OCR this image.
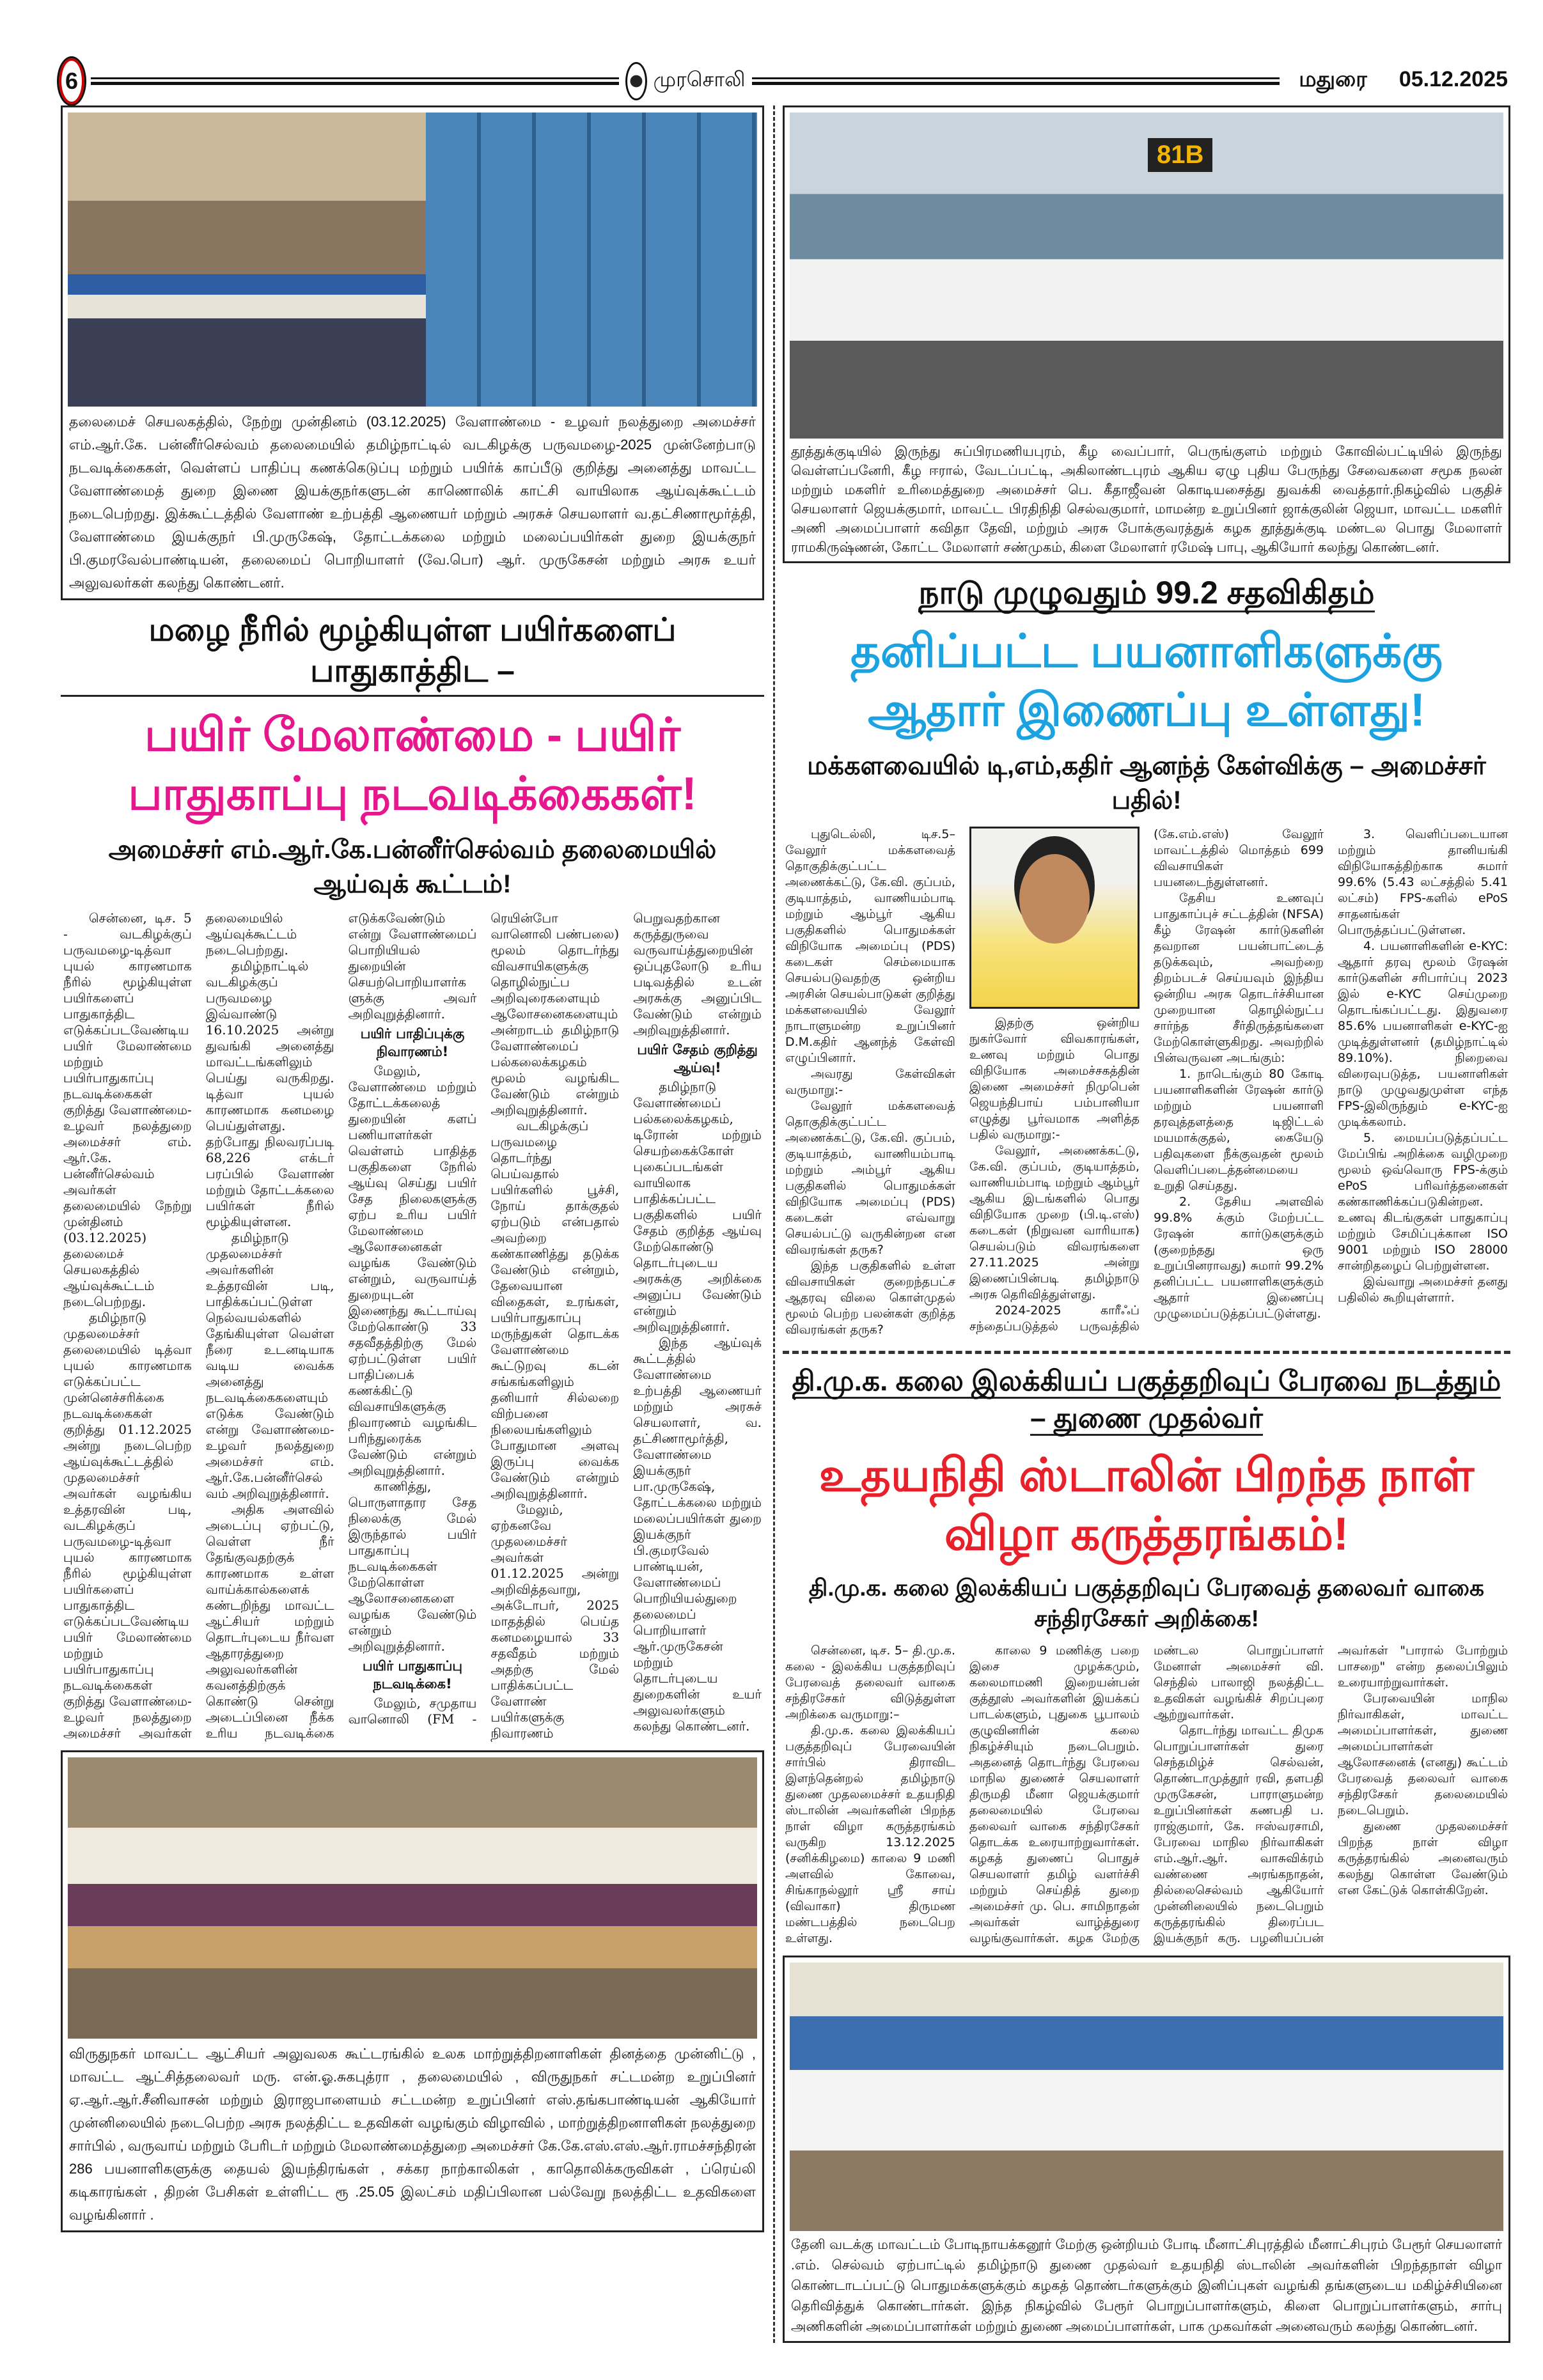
6	முரசொலி	மதுரை 05.12.2025
தலைமைச் செயலகத்தில், நேற்று முன்தினம் (03.12.2025) வேளாண்மை - உழவர் நலத்துறை அமைச்சர் எம்.ஆர்.கே. பன்னீர்செல்வம் தலைமையில் தமிழ்நாட்டில் வடகிழக்கு பருவமழை-2025 முன்னேற்பாடு நடவடிக்கைகள், வெள்ளப் பாதிப்பு கணக்கெடுப்பு மற்றும் பயிர்க் காப்பீடு குறித்து அனைத்து மாவட்ட வேளாண்மைத் துறை இணை இயக்குநர்களுடன் காணொலிக் காட்சி வாயிலாக ஆய்வுக்கூட்டம் நடைபெற்றது. இக்கூட்டத்தில் வேளாண் உற்பத்தி ஆணையர் மற்றும் அரசுச் செயலாளர் வ.தட்சிணாமூர்த்தி, வேளாண்மை இயக்குநர் பி.முருகேஷ், தோட்டக்கலை மற்றும் மலைப்பயிர்கள் துறை இயக்குநர் பி.குமரவேல்பாண்டியன், தலைமைப் பொறியாளர் (வே.பொ) ஆர். முருகேசன் மற்றும் அரசு உயர் அலுவலர்கள் கலந்து கொண்டனர்.
மழை நீரில் மூழ்கியுள்ள பயிர்களைப் பாதுகாத்திட –
பயிர் மேலாண்மை - பயிர் பாதுகாப்பு நடவடிக்கைகள்!
அமைச்சர் எம்.ஆர்.கே.பன்னீர்செல்வம் தலைமையில் ஆய்வுக் கூட்டம்!

சென்னை, டிச. 5 - வடகிழக்குப் பருவமழை-டித்வா புயல் காரணமாக நீரில் மூழ்கியுள்ள பயிர்களைப் பாதுகாத்திட எடுக்கப்படவேண்டிய பயிர் மேலாண்மை மற்றும் பயிர்பாதுகாப்பு நடவடிக்கைகள் குறித்து வேளாண்மை-உழவர் நலத்துறை அமைச்சர் எம். ஆர்.கே. பன்னீர்செல்வம் அவர்கள் தலைமையில் நேற்று முன்தினம் (03.12.2025) தலைமைச் செயலகத்தில் ஆய்வுக்கூட்டம் நடைபெற்றது.

தமிழ்நாடு முதலமைச்சர் தலைமையில் டித்வா புயல் காரணமாக எடுக்கப்பட்ட முன்னெச்சரிக்கை நடவடிக்கைகள் குறித்து 01.12.2025 அன்று நடைபெற்ற ஆய்வுக்கூட்டத்தில் முதலமைச்சர் அவர்கள் வழங்கிய உத்தரவின் படி, வடகிழக்குப் பருவமழை-டித்வா புயல் காரணமாக நீரில் மூழ்கியுள்ள பயிர்களைப் பாதுகாத்திட எடுக்கப்படவேண்டிய பயிர் மேலாண்மை மற்றும் பயிர்பாதுகாப்பு நடவடிக்கைகள் குறித்து வேளாண்மை-உழவர் நலத்துறை அமைச்சர் அவர்கள் தலைமையில் ஆய்வுக்கூட்டம் நடைபெற்றது.

தமிழ்நாட்டில் வடகிழக்குப் பருவமழை இவ்வாண்டு 16.10.2025 அன்று துவங்கி அனைத்து மாவட்டங்களிலும் பெய்து வருகிறது. டித்வா புயல் காரணமாக கனமழை பெய்துள்ளது. தற்போது நிலவரப்படி 68,226 எக்டர் பரப்பில் வேளாண் மற்றும் தோட்டக்கலை பயிர்கள் நீரில் மூழ்கியுள்ளன.

தமிழ்நாடு முதலமைச்சர் அவர்களின் உத்தரவின் படி, பாதிக்கப்பட்டுள்ள நெல்வயல்களில் தேங்கியுள்ள வெள்ள நீரை உடனடியாக வடிய வைக்க அனைத்து நடவடிக்கைகளையும் எடுக்க வேண்டும் என்று வேளாண்மை-உழவர் நலத்துறை அமைச்சர் எம். ஆர்.கே.பன்னீர்செல்வம் அறிவுறுத்தினார்.

அதிக அளவில் அடைப்பு ஏற்பட்டு, வெள்ள நீர் தேங்குவதற்குக் காரணமாக உள்ள வாய்க்கால்களைக் கண்டறிந்து மாவட்ட ஆட்சியர் மற்றும் தொடர்புடைய நீர்வள ஆதாரத்துறை அலுவலர்களின் கவனத்திற்குக் கொண்டு சென்று அடைப்பினை நீக்க உரிய நடவடிக்கை எடுக்கவேண்டும் என்று வேளாண்மைப் பொறியியல் துறையின் செயற்பொறியாளர்களுக்கு அவர் அறிவுறுத்தினார்.

பயிர் பாதிப்புக்கு நிவாரணம்!

மேலும், வேளாண்மை மற்றும் தோட்டக்கலைத் துறையின் களப் பணியாளர்கள் வெள்ளம் பாதித்த பகுதிகளை நேரில் ஆய்வு செய்து பயிர் சேத நிலைகளுக்கு ஏற்ப உரிய பயிர் மேலாண்மை ஆலோசனைகள் வழங்க வேண்டும் என்றும், வருவாய்த் துறையுடன் இணைந்து கூட்டாய்வு மேற்கொண்டு 33 சதவீதத்திற்கு மேல் ஏற்பட்டுள்ள பயிர் பாதிப்பைக் கணக்கிட்டு விவசாயிகளுக்கு நிவாரணம் வழங்கிட பரிந்துரைக்க வேண்டும் என்றும் அறிவுறுத்தினார்.

காணித்து, பொருளாதார சேத நிலைக்கு மேல் இருந்தால் பயிர் பாதுகாப்பு நடவடிக்கைகள் மேற்கொள்ள ஆலோசனைகளை வழங்க வேண்டும் என்றும் அறிவுறுத்தினார்.

பயிர் பாதுகாப்பு நடவடிக்கை!

மேலும், சமுதாய வானொலி (FM - ரெயின்போ வானொலி பண்பலை) மூலம் தொடர்ந்து விவசாயிகளுக்கு தொழில்நுட்ப அறிவுரைகளையும் ஆலோசனைகளையும் அன்றாடம் தமிழ்நாடு வேளாண்மைப் பல்கலைக்கழகம் மூலம் வழங்கிட வேண்டும் என்றும் அறிவுறுத்தினார்.

வடகிழக்குப் பருவமழை தொடர்ந்து பெய்வதால் பயிர்களில் பூச்சி, நோய் தாக்குதல் ஏற்படும் என்பதால் அவற்றை கண்காணித்து தடுக்க வேண்டும் என்றும், தேவையான விதைகள், உரங்கள், பயிர்பாதுகாப்பு மருந்துகள் தொடக்க வேளாண்மை கூட்டுறவு கடன் சங்கங்களிலும் தனியார் சில்லறை விற்பனை நிலையங்களிலும் போதுமான அளவு இருப்பு வைக்க வேண்டும் என்றும் அறிவுறுத்தினார்.

மேலும், ஏற்கனவே முதலமைச்சர் அவர்கள் 01.12.2025 அன்று அறிவித்தவாறு, அக்டோபர், 2025 மாதத்தில் பெய்த கனமழையால் 33 சதவீதம் மற்றும் அதற்கு மேல் பாதிக்கப்பட்ட வேளாண் பயிர்களுக்கு நிவாரணம் பெறுவதற்கான கருத்துருவை வருவாய்த்துறையின் ஒப்புதலோடு உரிய படிவத்தில் உடன் அரசுக்கு அனுப்பிட வேண்டும் என்றும் அறிவுறுத்தினார்.

பயிர் சேதம் குறித்து ஆய்வு!

தமிழ்நாடு வேளாண்மைப் பல்கலைக்கழகம், டிரோன் மற்றும் செயற்கைக்கோள் புகைப்படங்கள் வாயிலாக பாதிக்கப்பட்ட பகுதிகளில் பயிர் சேதம் குறித்த ஆய்வு மேற்கொண்டு தொடர்புடைய அரசுக்கு அறிக்கை அனுப்ப வேண்டும் என்றும் அறிவுறுத்தினார்.

இந்த ஆய்வுக் கூட்டத்தில் வேளாண்மை உற்பத்தி ஆணையர் மற்றும் அரசுச் செயலாளர், வ. தட்சிணாமூர்த்தி, வேளாண்மை இயக்குநர் பா.முருகேஷ், தோட்டக்கலை மற்றும் மலைப்பயிர்கள் துறை இயக்குநர் பி.குமரவேல் பாண்டியன், வேளாண்மைப் பொறியியல்துறை தலைமைப் பொறியாளர் ஆர்.முருகேசன் மற்றும் தொடர்புடைய துறைகளின் உயர் அலுவலர்களும் கலந்து கொண்டனர்.

விருதுநகர் மாவட்ட ஆட்சியர் அலுவலக கூட்டரங்கில் உலக மாற்றுத்திறனாளிகள் தினத்தை முன்னிட்டு , மாவட்ட ஆட்சித்தலைவர் மரு. என்.ஓ.சுகபுத்ரா , தலைமையில் , விருதுநகர் சட்டமன்ற உறுப்பினர் ஏ.ஆர்.ஆர்.சீனிவாசன் மற்றும் இராஜபாளையம் சட்டமன்ற உறுப்பினர் எஸ்.தங்கபாண்டியன் ஆகியோர் முன்னிலையில் நடைபெற்ற அரசு நலத்திட்ட உதவிகள் வழங்கும் விழாவில் , மாற்றுத்திறனாளிகள் நலத்துறை சார்பில் , வருவாய் மற்றும் பேரிடர் மற்றும் மேலாண்மைத்துறை அமைச்சர் கே.கே.எஸ்.எஸ்.ஆர்.ராமச்சந்திரன் 286 பயனாளிகளுக்கு தையல் இயந்திரங்கள் , சக்கர நாற்காலிகள் , காதொலிக்கருவிகள் , ப்ரெய்லி கடிகாரங்கள் , திறன் பேசிகள் உள்ளிட்ட ரூ .25.05 இலட்சம் மதிப்பிலான பல்வேறு நலத்திட்ட உதவிகளை வழங்கினார் .
81B
தூத்துக்குடியில் இருந்து சுப்பிரமணியபுரம், கீழ வைப்பார், பெருங்குளம் மற்றும் கோவில்பட்டியில் இருந்து வெள்ளப்பனேரி, கீழ ஈரால், வேடப்பட்டி, அகிலாண்டபுரம் ஆகிய ஏழு புதிய பேருந்து சேவைகளை சமூக நலன் மற்றும் மகளிர் உரிமைத்துறை அமைச்சர் பெ. கீதாஜீவன் கொடியசைத்து துவக்கி வைத்தார்.நிகழ்வில் பகுதிச் செயலாளர் ஜெயக்குமார், மாவட்ட பிரதிநிதி செல்வகுமார், மாமன்ற உறுப்பினர் ஜாக்குலின் ஜெயா, மாவட்ட மகளிர் அணி அமைப்பாளர் கவிதா தேவி, மற்றும் அரசு போக்குவரத்துக் கழக தூத்துக்குடி மண்டல பொது மேலாளர் ராமகிருஷ்ணன், கோட்ட மேலாளர் சண்முகம், கிளை மேலாளர் ரமேஷ் பாபு, ஆகியோர் கலந்து கொண்டனர்.
நாடு முழுவதும் 99.2 சதவிகிதம்
தனிப்பட்ட பயனாளிகளுக்கு ஆதார் இணைப்பு உள்ளது!
மக்களவையில் டி,எம்,கதிர் ஆனந்த் கேள்விக்கு – அமைச்சர் பதில்!

புதுடெல்லி, டிச.5– வேலூர் மக்களவைத் தொகுதிக்குட்பட்ட அணைக்கட்டு, கே.வி. குப்பம், குடியாத்தம், வாணியம்பாடி மற்றும் ஆம்பூர் ஆகிய பகுதிகளில் பொதுமக்கள் விநியோக அமைப்பு (PDS) கடைகள் செம்மையாக செயல்படுவதற்கு ஒன்றிய அரசின் செயல்பாடுகள் குறித்து மக்களவையில் வேலூர் நாடாளுமன்ற உறுப்பினர் D.M.கதிர் ஆனந்த் கேள்வி எழுப்பினார்.

அவரது கேள்விகள் வருமாறு:-

வேலூர் மக்களவைத் தொகுதிக்குட்பட்ட அணைக்கட்டு, கே.வி. குப்பம், குடியாத்தம், வாணியம்பாடி மற்றும் அம்பூர் ஆகிய பகுதிகளில் பொதுமக்கள் விநியோக அமைப்பு (PDS) கடைகள் எவ்வாறு செயல்பட்டு வருகின்றன என விவரங்கள் தருக?

இந்த பகுதிகளில் உள்ள விவசாயிகள் குறைந்தபட்ச ஆதரவு விலை கொள்முதல் மூலம் பெற்ற பலன்கள் குறித்த விவரங்கள் தருக?

இதற்கு ஒன்றிய நுகர்வோர் விவகாரங்கள், உணவு மற்றும் பொது விநியோக அமைச்சகத்தின் இணை அமைச்சர் நிமுபென் ஜெயந்திபாய் பம்பானியா எழுத்து பூர்வமாக அளித்த பதில் வருமாறு:-

வேலூர், அணைக்கட்டு, கே.வி. குப்பம், குடியாத்தம், வாணியம்பாடி மற்றும் ஆம்பூர் ஆகிய இடங்களில் பொது விநியோக முறை (பி.டி.எஸ்) கடைகள் (நிறுவன வாரியாக) செயல்படும் விவரங்களை 27.11.2025 அன்று இணைப்பின்படி தமிழ்நாடு அரசு தெரிவித்துள்ளது.

2024-2025 காரீஃப் சந்தைப்படுத்தல் பருவத்தில் (கே.எம்.எஸ்) வேலூர் மாவட்டத்தில் மொத்தம் 699 விவசாயிகள் பயனடைந்துள்ளனர்.

தேசிய உணவுப் பாதுகாப்புச் சட்டத்தின் (NFSA) கீழ் ரேஷன் கார்டுகளின் தவறான பயன்பாட்டைத் தடுக்கவும், அவற்றை திறம்படச் செய்யவும் இந்திய ஒன்றிய அரசு தொடர்ச்சியான முறையான தொழில்நுட்ப சார்ந்த சீர்திருத்தங்களை மேற்கொள்ளுகிறது. அவற்றில் பின்வருவன அடங்கும்:

1. நாடெங்கும் 80 கோடி பயனாளிகளின் ரேஷன் கார்டு மற்றும் பயனாளி தரவுத்தளத்தை டிஜிட்டல் மயமாக்குதல், கையேடு பதிவுகளை நீக்குவதன் மூலம் வெளிப்படைத்தன்மையை உறுதி செய்தது.

2. தேசிய அளவில் 99.8% க்கும் மேற்பட்ட ரேஷன் கார்டுகளுக்கும் (குறைந்தது ஒரு உறுப்பினராவது) சுமார் 99.2% தனிப்பட்ட பயனாளிகளுக்கும் ஆதார் இணைப்பு முழுமைப்படுத்தப்பட்டுள்ளது.

3. வெளிப்படையான மற்றும் தானியங்கி விநியோகத்திற்காக சுமார் 99.6% (5.43 லட்சத்தில் 5.41 லட்சம்) FPS-களில் ePoS சாதனங்கள் பொருத்தப்பட்டுள்ளன.

4. பயனாளிகளின் e-KYC: ஆதார் தரவு மூலம் ரேஷன் கார்டுகளின் சரிபார்ப்பு 2023 இல் e-KYC செய்முறை தொடங்கப்பட்டது. இதுவரை 85.6% பயனாளிகள் e-KYC-ஐ முடித்துள்ளனர் (தமிழ்நாட்டில் 89.10%). நிறைவை விரைவுபடுத்த, பயனாளிகள் நாடு முழுவதுமுள்ள எந்த FPS-இலிருந்தும் e-KYC-ஐ முடிக்கலாம்.

5. மையப்படுத்தப்பட்ட மேப்பிங் அறிக்கை வழிமுறை மூலம் ஒவ்வொரு FPS-க்கும் ePoS பரிவர்த்தனைகள் கண்காணிக்கப்படுகின்றன. உணவு கிடங்குகள் பாதுகாப்பு மற்றும் சேமிப்புக்கான ISO 9001 மற்றும் ISO 28000 சான்றிதழைப் பெற்றுள்ளன.

இவ்வாறு அமைச்சர் தனது பதிலில் கூறியுள்ளார்.

தி.மு.க. கலை இலக்கியப் பகுத்தறிவுப் பேரவை நடத்தும் – துணை முதல்வர்
உதயநிதி ஸ்டாலின் பிறந்த நாள் விழா கருத்தரங்கம்!
தி.மு.க. கலை இலக்கியப் பகுத்தறிவுப் பேரவைத் தலைவர் வாகை சந்திரசேகர் அறிக்கை!

சென்னை, டிச. 5– தி.மு.க. கலை - இலக்கிய பகுத்தறிவுப் பேரவைத் தலைவர் வாகை சந்திரசேகர் விடுத்துள்ள அறிக்கை வருமாறு:–

தி.மு.க. கலை இலக்கியப் பகுத்தறிவுப் பேரவையின் சார்பில் திராவிட இளந்தென்றல் தமிழ்நாடு துணை முதலமைச்சர் உதயநிதி ஸ்டாலின் அவர்களின் பிறந்த நாள் விழா கருத்தரங்கம் வருகிற 13.12.2025 (சனிக்கிழமை) காலை 9 மணி அளவில் கோவை, சிங்காநல்லூர் ஸ்ரீ சாய் (விவாகா) திருமண மண்டபத்தில் நடைபெற உள்ளது.

காலை 9 மணிக்கு பறை இசை முழக்கமும், கலைமாமணி இறையன்பன் குத்தூஸ் அவர்களின் இயக்கப் பாடல்களும், புதுகை பூபாலம் குழுவினரின் கலை நிகழ்ச்சியும் நடைபெறும். அதனைத் தொடர்ந்து பேரவை மாநில துணைச் செயலாளர் திருமதி மீனா ஜெயக்குமார் தலைமையில் பேரவை தலைவர் வாகை சந்திரசேகர் தொடக்க உரையாற்றுவார்கள். கழகத் துணைப் பொதுச் செயலாளர் தமிழ் வளர்ச்சி மற்றும் செய்தித் துறை அமைச்சர் மு. பெ. சாமிநாதன் அவர்கள் வாழ்த்துரை வழங்குவார்கள். கழக மேற்கு மண்டல பொறுப்பாளர் மேனாள் அமைச்சர் வி. செந்தில் பாலாஜி நலத்திட்ட உதவிகள் வழங்கிச் சிறப்புரை ஆற்றுவார்கள்.

தொடர்ந்து மாவட்ட திமுக பொறுப்பாளர்கள் துரை செந்தமிழ்ச் செல்வன், தொண்டாமுத்தூர் ரவி, தளபதி முருகேசன், பாராளுமன்ற உறுப்பினர்கள் கணபதி ப. ராஜ்குமார், கே. ஈஸ்வரசாமி, பேரவை மாநில நிர்வாகிகள் எம்.ஆர்.ஆர். வாசுவிக்ரம் வண்ணை அரங்கநாதன், தில்லைசெல்வம் ஆகியோர் முன்னிலையில் நடைபெறும் கருத்தரங்கில் திரைப்பட இயக்குநர் கரு. பழனியப்பன் அவர்கள் "பாரால் போற்றும் பாசறை" என்ற தலைப்பிலும் உரையாற்றுவார்கள்.

பேரவையின் மாநில நிர்வாகிகள், மாவட்ட அமைப்பாளர்கள், துணை அமைப்பாளர்கள் ஆலோசனைக் (எனது) கூட்டம் பேரவைத் தலைவர் வாகை சந்திரசேகர் தலைமையில் நடைபெறும்.

துணை முதலமைச்சர் பிறந்த நாள் விழா கருத்தரங்கில் அனைவரும் கலந்து கொள்ள வேண்டும் என கேட்டுக் கொள்கிறேன்.

தேனி வடக்கு மாவட்டம் போடிநாயக்கனூர் மேற்கு ஒன்றியம் போடி மீனாட்சிபுரத்தில் மீனாட்சிபுரம் பேரூர் செயலாளர் .எம். செல்வம் ஏற்பாட்டில் தமிழ்நாடு துணை முதல்வர் உதயநிதி ஸ்டாலின் அவர்களின் பிறந்தநாள் விழா கொண்டாடப்பட்டு பொதுமக்களுக்கும் கழகத் தொண்டர்களுக்கும் இனிப்புகள் வழங்கி தங்களுடைய மகிழ்ச்சியினை தெரிவித்துக் கொண்டார்கள். இந்த நிகழ்வில் பேரூர் பொறுப்பாளர்களும், கிளை பொறுப்பாளர்களும், சார்பு அணிகளின் அமைப்பாளர்கள் மற்றும் துணை அமைப்பாளர்கள், பாக முகவர்கள் அனைவரும் கலந்து கொண்டனர்.
